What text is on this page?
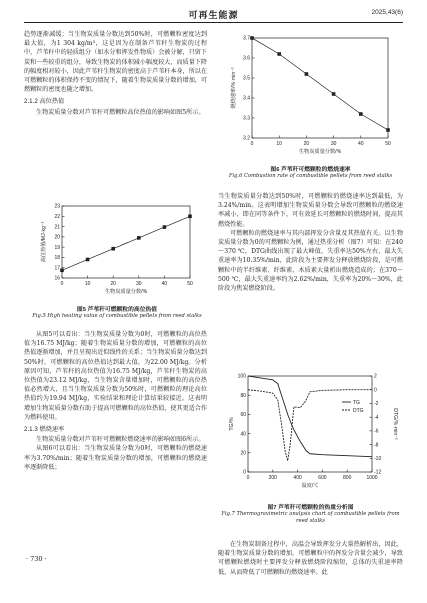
可再生能源	2025,43(6)

趋势逐渐减缓；当生物炭质量分数达到50%时，可燃颗粒密度达到最大值，为1 304 kg/m³，这是因为在制备芦苇秆生物炭的过程中，芦苇秆中的轻质组分（如水分和挥发性物质）会被分解，只留下炭和一些较重的组分，导致生物炭的体积减小幅度较大，而质量下降的幅度相对较小，因此芦苇秆生物炭的密度高于芦苇秆本身，所以在可燃颗粒的体积保持不变的情况下，随着生物炭质量分数的增加，可燃颗粒的密度也随之增加。

2.1.2 高位热值

生物炭质量分数对芦苇秆可燃颗粒高位热值的影响如图5所示。

0	10	20	30	40	50
16
17
18
19
20
21
22
23
生物炭质量分数/%
高位热值/MJ·kg⁻¹
图5 芦苇秆可燃颗粒的高位热值
Fig.5 High heating value of combustible pellets from reed stalks

从图5可以看出：当生物炭质量分数为0时，可燃颗粒的高位热值为16.75 MJ/kg；随着生物炭质量分数的增加，可燃颗粒的高位热值逐渐增加，并且呈现出近似线性的关系；当生物炭质量分数达到50%时，可燃颗粒的高位热值达到最大值，为22.00 MJ/kg。分析原因可知，芦苇秆的高位热值为16.75 MJ/kg，芦苇秆生物炭的高位热值为23.12 MJ/kg，当生物炭含量增加时，可燃颗粒的高位热值必然增大，且当生物炭质量分数为50%时，可燃颗粒的理论高位热值约为19.94 MJ/kg，实验结果和理论计算结果较接近。这表明增加生物炭质量分数有助于提高可燃颗粒的高位热值，使其更适合作为燃料使用。

2.1.3 燃烧速率

生物炭质量分数对芦苇秆可燃颗粒燃烧速率的影响如图6所示。

从图6可以看出：当生物炭质量分数为0时，可燃颗粒的燃烧速率为3.70%/min；随着生物炭质量分数的增加，可燃颗粒的燃烧速率逐渐降低；

· 730 ·
0	10	20	30	40	50
3.2
3.3
3.4
3.5
3.6
3.7
生物炭质量分数/%
燃烧速率/%·min⁻¹
图6 芦苇秆可燃颗粒的燃烧速率
Fig.6 Combustion rate of combustible pellets from reed stalks

当生物炭质量分数达到50%时，可燃颗粒的燃烧速率达到最低，为3.24%/min。这表明增加生物炭质量分数会导致可燃颗粒的燃烧速率减小，即在同等条件下，可有效延长可燃颗粒的燃烧时间，提高其燃烧性能。

可燃颗粒的燃烧速率与其内部挥发分含量及其热值有关。以生物炭质量分数为0的可燃颗粒为例，通过热重分析（图7）可知：在240～370 ℃，DTG曲线出现了最大峰值，失重率达50%左右，最大失重速率为10.35%/min，此阶段为主要挥发分释放燃烧阶段，是可燃颗粒中的半纤维素、纤维素、木质素大量析出燃烧造成的；在370～500 ℃，最大失重速率约为2.62%/min，失重率为20%～30%，此阶段为焦炭燃烧阶段。

0	200	400	600	800	1000
0
20
40
60
80
100
-12
-10
-8
-6
-4
-2
0
2
温度/℃
TG/%	DTG/%·min⁻¹
TG
DTG
图7 芦苇秆可燃颗粒的热重分析图
Fig.7 Thermogravimetric analysis chart of combustible pellets from reed stalks

在生物炭制备过程中，高温会导致挥发分大量热解析出，因此，随着生物炭质量分数的增加，可燃颗粒中的挥发分含量会减少，导致可燃颗粒燃烧时主要挥发分释放燃烧阶段缩短，总体的失重速率降低，从而降低了可燃颗粒的燃烧速率。此
